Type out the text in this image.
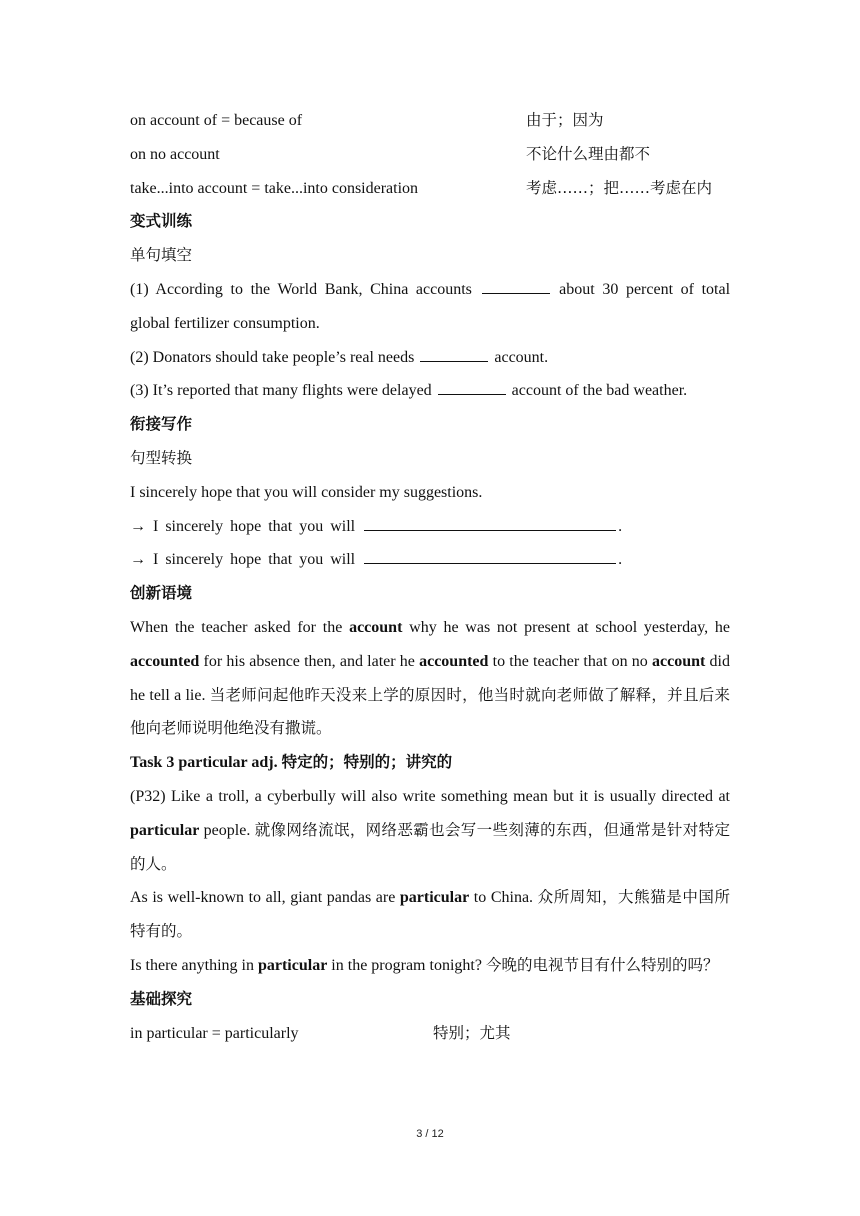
on account of = because of	由于；因为
on no account	不论什么理由都不
take...into account = take...into consideration	考虑……；把……考虑在内
变式训练
单句填空
(1) According to the World Bank, China accounts	about 30 percent of total
global fertilizer consumption.
(2) Donators should take people’s real needs	account.
(3) It’s reported that many flights were delayed	account of the bad weather.
衔接写作
句型转换
I sincerely hope that you will consider my suggestions.
→ I sincerely hope that you will	.
→ I sincerely hope that you will	.
创新语境
When the teacher asked for the account why he was not present at school yesterday, he accounted for his absence then, and later he accounted to the teacher that on no account did he tell a lie. 当老师问起他昨天没来上学的原因时，他当时就向老师做了解释，并且后来他向老师说明他绝没有撒谎。
Task 3 particular adj. 特定的；特别的；讲究的
(P32) Like a troll, a cyberbully will also write something mean but it is usually directed at particular people. 就像网络流氓，网络恶霸也会写一些刻薄的东西，但通常是针对特定的人。
As is well-known to all, giant pandas are particular to China. 众所周知，大熊猫是中国所特有的。
Is there anything in particular in the program tonight? 今晚的电视节目有什么特别的吗？
基础探究
in particular = particularly	特别；尤其
3 / 12
